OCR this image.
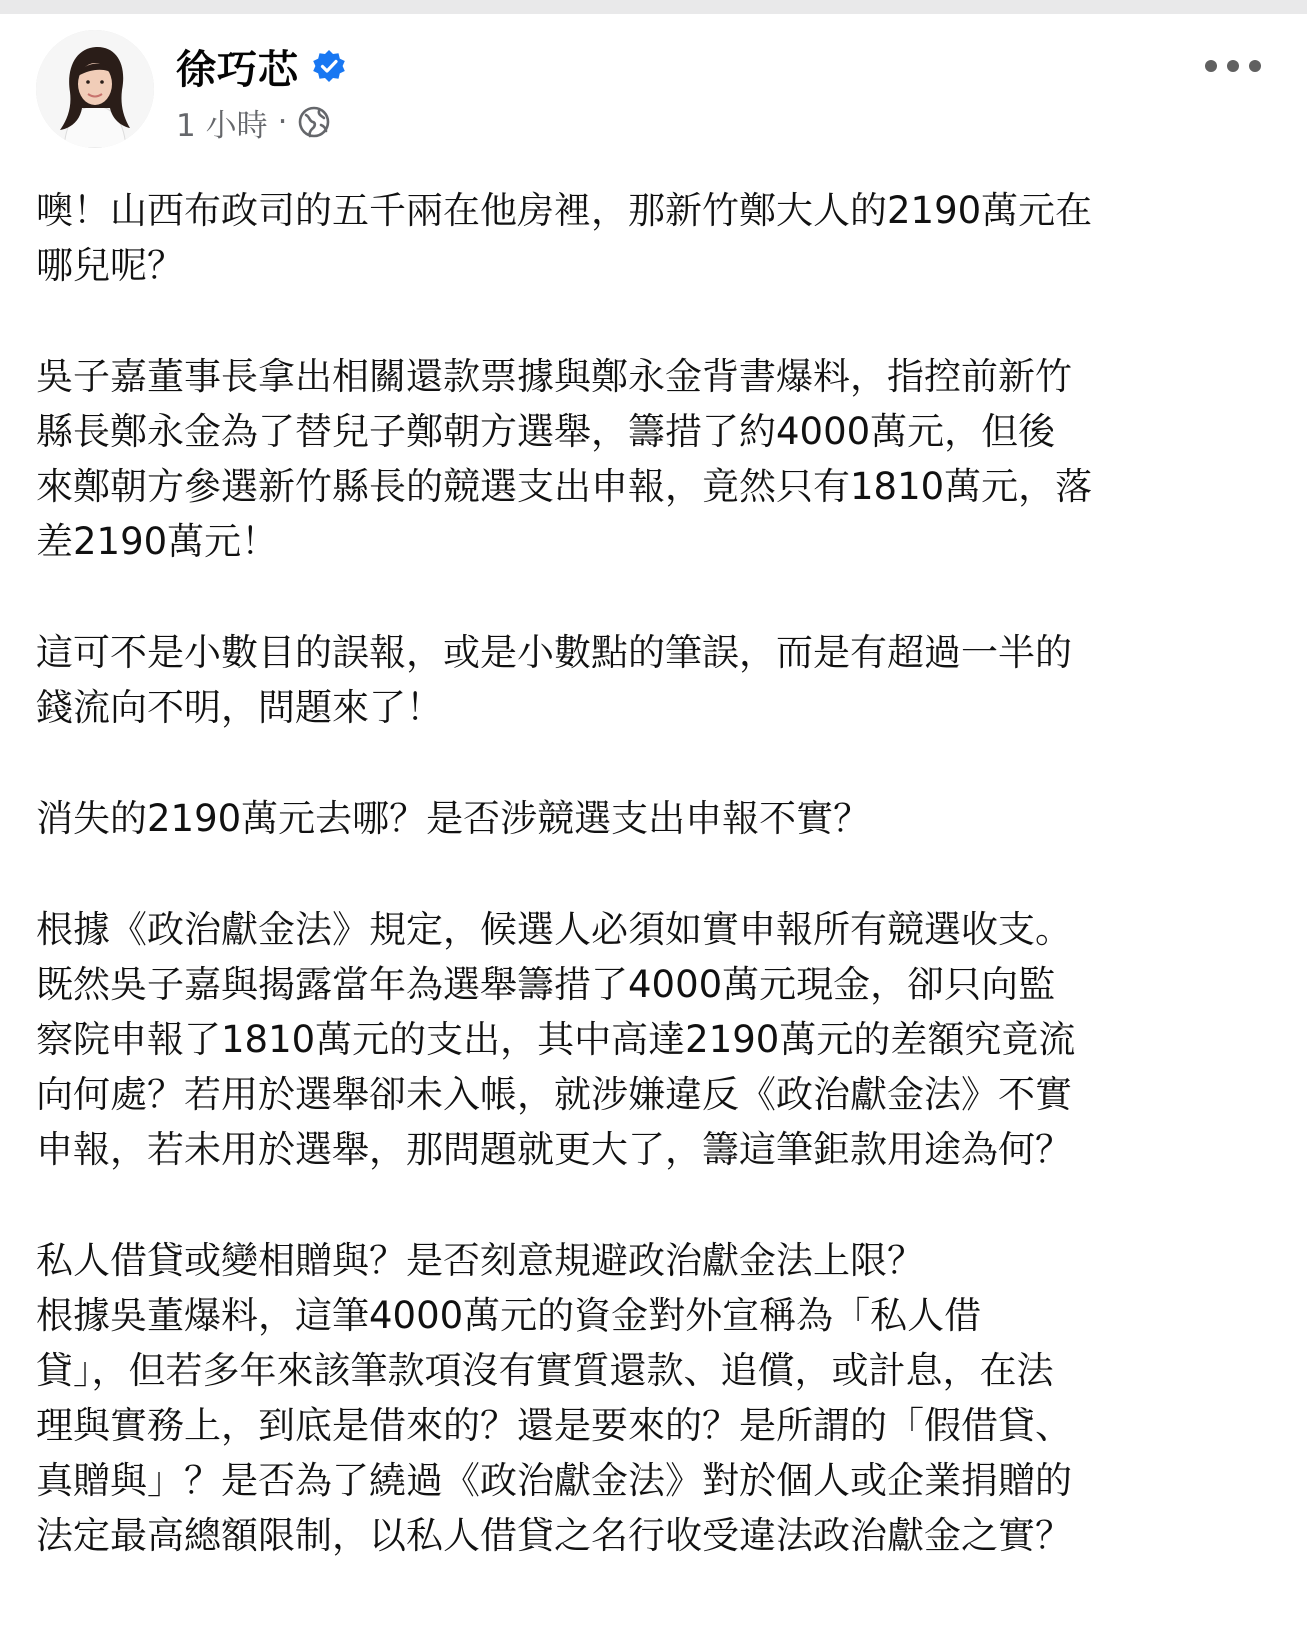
徐巧芯
1 小時 ·

噢！山西布政司的五千兩在他房裡，那新竹鄭大人的2190萬元在
哪兒呢？

吳子嘉董事長拿出相關還款票據與鄭永金背書爆料，指控前新竹
縣長鄭永金為了替兒子鄭朝方選舉，籌措了約4000萬元，但後
來鄭朝方參選新竹縣長的競選支出申報，竟然只有1810萬元，落
差2190萬元！

這可不是小數目的誤報，或是小數點的筆誤，而是有超過一半的
錢流向不明，問題來了！

消失的2190萬元去哪？是否涉競選支出申報不實？

根據《政治獻金法》規定，候選人必須如實申報所有競選收支。
既然吳子嘉與揭露當年為選舉籌措了4000萬元現金，卻只向監
察院申報了1810萬元的支出，其中高達2190萬元的差額究竟流
向何處？若用於選舉卻未入帳，就涉嫌違反《政治獻金法》不實
申報，若未用於選舉，那問題就更大了，籌這筆鉅款用途為何？

私人借貸或變相贈與？是否刻意規避政治獻金法上限？
根據吳董爆料，這筆4000萬元的資金對外宣稱為「私人借
貸」，但若多年來該筆款項沒有實質還款、追償，或計息，在法
理與實務上，到底是借來的？還是要來的？是所謂的「假借貸、
真贈與」？是否為了繞過《政治獻金法》對於個人或企業捐贈的
法定最高總額限制，以私人借貸之名行收受違法政治獻金之實？
